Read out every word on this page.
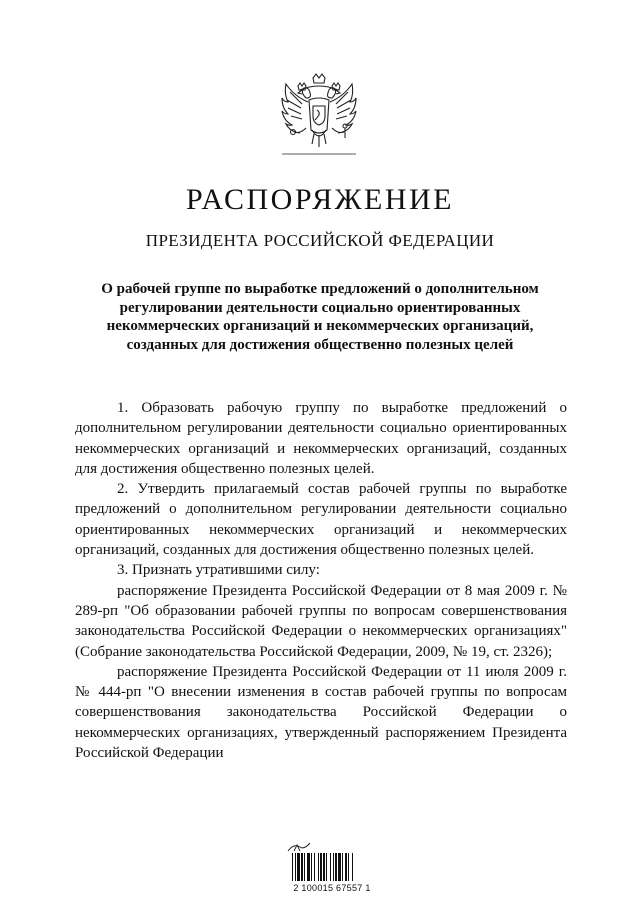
РАСПОРЯЖЕНИЕ
ПРЕЗИДЕНТА РОССИЙСКОЙ ФЕДЕРАЦИИ
О рабочей группе по выработке предложений о дополнительном регулировании деятельности социально ориентированных некоммерческих организаций и некоммерческих организаций, созданных для достижения общественно полезных целей

1. Образовать рабочую группу по выработке предложений о дополнительном регулировании деятельности социально ориентированных некоммерческих организаций и некоммерческих организаций, созданных для достижения общественно полезных целей.

2. Утвердить прилагаемый состав рабочей группы по выработке предложений о дополнительном регулировании деятельности социально ориентированных некоммерческих организаций и некоммерческих организаций, созданных для достижения общественно полезных целей.

3. Признать утратившими силу:

распоряжение Президента Российской Федерации от 8 мая 2009 г. № 289-рп "Об образовании рабочей группы по вопросам совершенствования законодательства Российской Федерации о некоммерческих организациях" (Собрание законодательства Российской Федерации, 2009, № 19, ст. 2326);

распоряжение Президента Российской Федерации от 11 июля 2009 г. № 444-рп "О внесении изменения в состав рабочей группы по вопросам совершенствования законодательства Российской Федерации о некоммерческих организациях, утвержденный распоряжением Президента Российской Федерации

2 100015 67557 1
